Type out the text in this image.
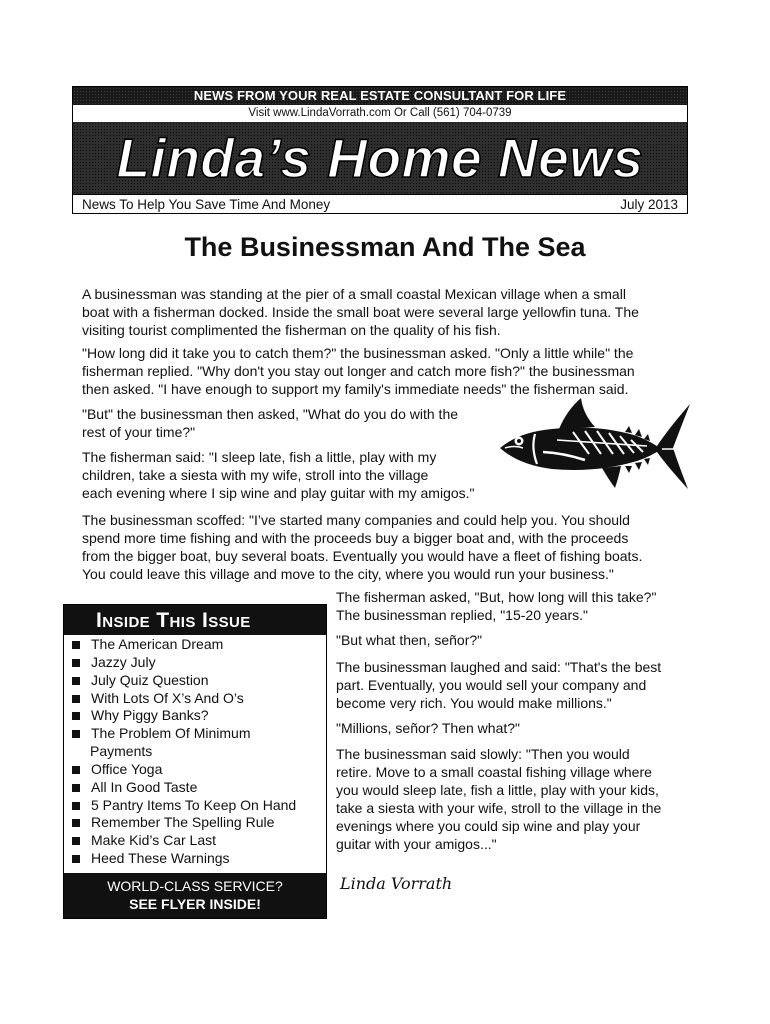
NEWS FROM YOUR REAL ESTATE CONSULTANT FOR LIFE
Visit www.LindaVorrath.com Or Call (561) 704-0739
Linda’s Home News
News To Help You Save Time And Money	July 2013
The Businessman And The Sea
A businessman was standing at the pier of a small coastal Mexican village when a small
boat with a fisherman docked. Inside the small boat were several large yellowfin tuna. The
visiting tourist complimented the fisherman on the quality of his fish.
"How long did it take you to catch them?" the businessman asked. "Only a little while" the
fisherman replied. "Why don't you stay out longer and catch more fish?" the businessman
then asked. "I have enough to support my family's immediate needs" the fisherman said.
"But" the businessman then asked, "What do you do with the
rest of your time?"
The fisherman said: "I sleep late, fish a little, play with my
children, take a siesta with my wife, stroll into the village
each evening where I sip wine and play guitar with my amigos."
The businessman scoffed: "I’ve started many companies and could help you. You should
spend more time fishing and with the proceeds buy a bigger boat and, with the proceeds
from the bigger boat, buy several boats. Eventually you would have a fleet of fishing boats.
You could leave this village and move to the city, where you would run your business."
The fisherman asked, "But, how long will this take?"
The businessman replied, "15-20 years."
"But what then, señor?"
The businessman laughed and said: "That's the best
part. Eventually, you would sell your company and
become very rich. You would make millions."
"Millions, señor? Then what?"
The businessman said slowly: "Then you would
retire. Move to a small coastal fishing village where
you would sleep late, fish a little, play with your kids,
take a siesta with your wife, stroll to the village in the
evenings where you could sip wine and play your
guitar with your amigos..."
Linda Vorrath
Inside This Issue
The American Dream
Jazzy July
July Quiz Question
With Lots Of X’s And O’s
Why Piggy Banks?
The Problem Of Minimum
Payments
Office Yoga
All In Good Taste
5 Pantry Items To Keep On Hand
Remember The Spelling Rule
Make Kid’s Car Last
Heed These Warnings
WORLD-CLASS SERVICE?
SEE FLYER INSIDE!
